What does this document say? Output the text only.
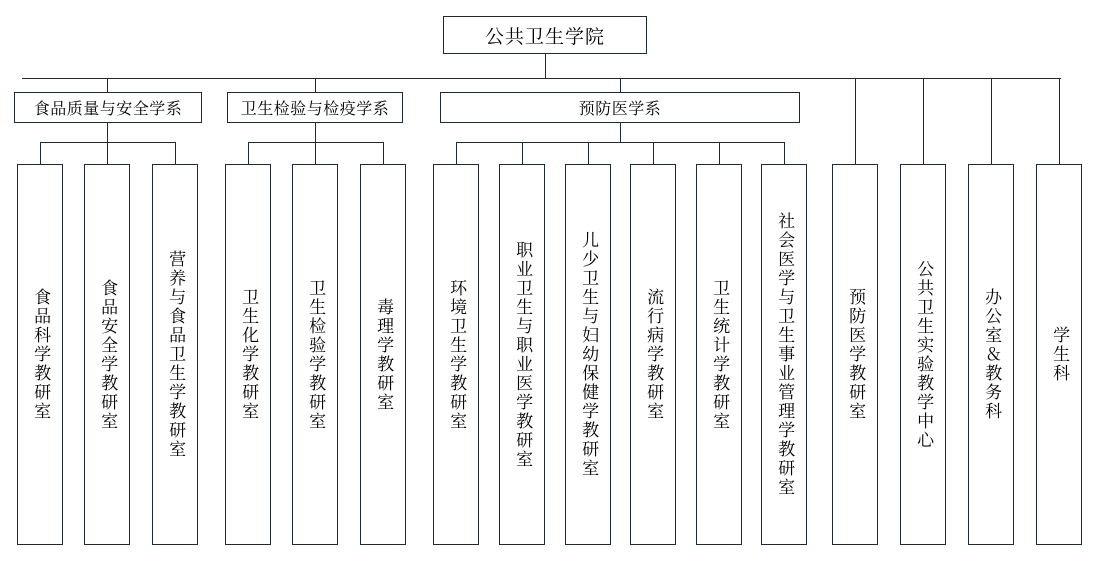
公共卫生学院
食品质量与安全学系	卫生检验与检疫学系	预防医学系
食品科学教研室	食品安全学教研室	营养与食品卫生学教研室	卫生化学教研室	卫生检验学教研室	毒理学教研室	环境卫生学教研室	职业卫生与职业医学教研室	儿少卫生与妇幼保健学教研室	流行病学教研室	卫生统计学教研室	社会医学与卫生事业管理学教研室	预防医学教研室	公共卫生实验教学中心	办公室＆教务科	学生科
